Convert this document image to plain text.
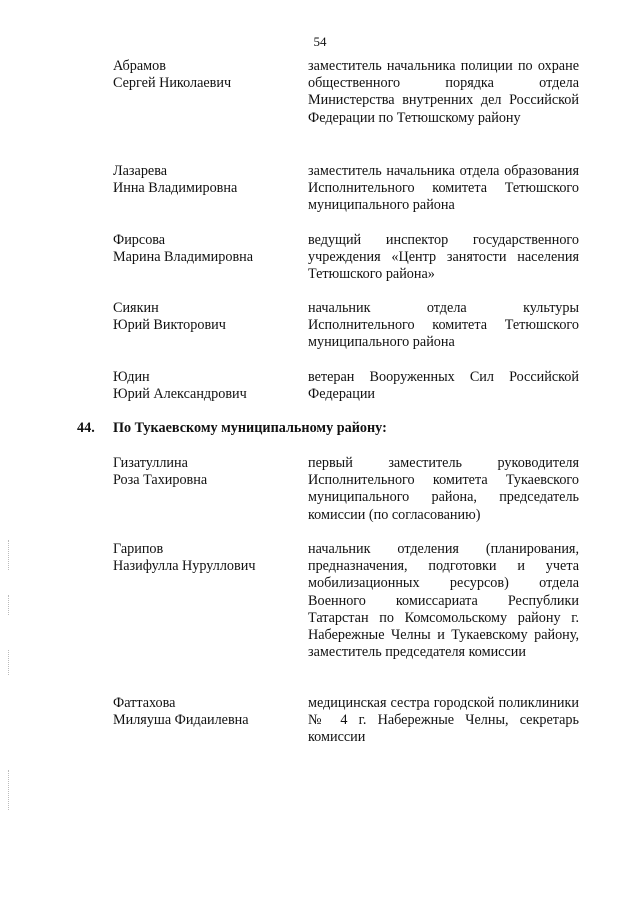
54
Абрамов
Сергей Николаевич
заместитель начальника полиции по охране общественного порядка отдела Министерства внутренних дел Российской Федерации по Тетюшскому району
Лазарева
Инна Владимировна
заместитель начальника отдела образования Исполнительного комитета Тетюшского муниципального района
Фирсова
Марина Владимировна
ведущий инспектор государственного учреждения «Центр занятости населения Тетюшского района»
Сиякин
Юрий Викторович
начальник отдела культуры Исполнительного комитета Тетюшского муниципального района
Юдин
Юрий Александрович
ветеран Вооруженных Сил Российской Федерации
44. По Тукаевскому муниципальному району:
Гизатуллина
Роза Тахировна
первый заместитель руководителя Исполнительного комитета Тукаевского муниципального района, председатель комиссии (по согласованию)
Гарипов
Назифулла Нуруллович
начальник отделения (планирования, предназначения, подготовки и учета мобилизационных ресурсов) отдела Военного комиссариата Республики Татарстан по Комсомольскому району г. Набережные Челны и Тукаевскому району, заместитель председателя комиссии
Фаттахова
Миляуша Фидаилевна
медицинская сестра городской поликлиники № 4 г. Набережные Челны, секретарь комиссии
